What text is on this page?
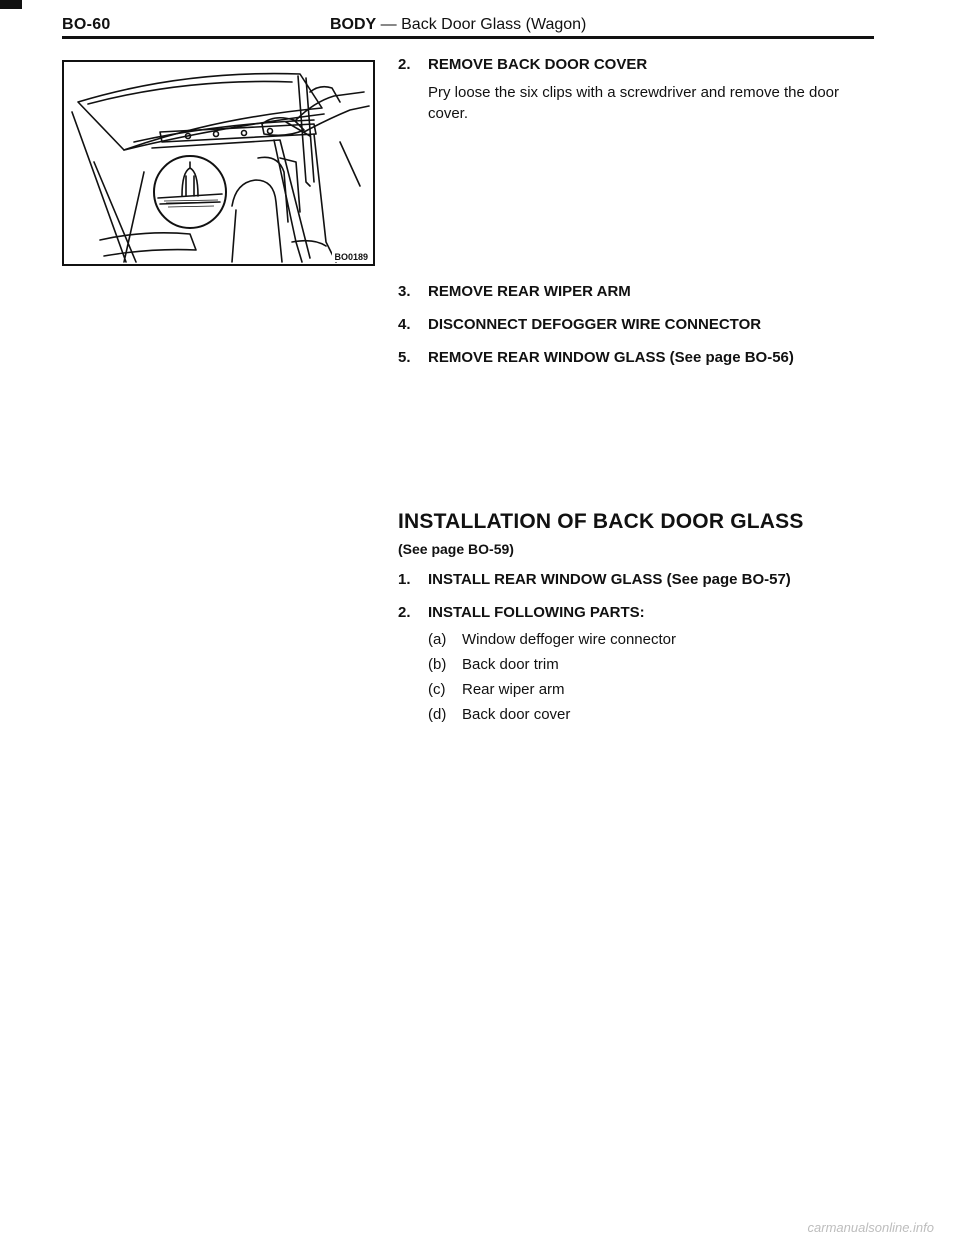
BO-60	BODY — Back Door Glass (Wagon)
BO0189
2. REMOVE BACK DOOR COVER
Pry loose the six clips with a screwdriver and remove the door cover.
3. REMOVE REAR WIPER ARM
4. DISCONNECT DEFOGGER WIRE CONNECTOR
5. REMOVE REAR WINDOW GLASS (See page BO-56)
INSTALLATION OF BACK DOOR GLASS
(See page BO-59)
1. INSTALL REAR WINDOW GLASS (See page BO-57)
2. INSTALL FOLLOWING PARTS:
(a) Window deffoger wire connector
(b) Back door trim
(c) Rear wiper arm
(d) Back door cover
carmanualsonline.info
